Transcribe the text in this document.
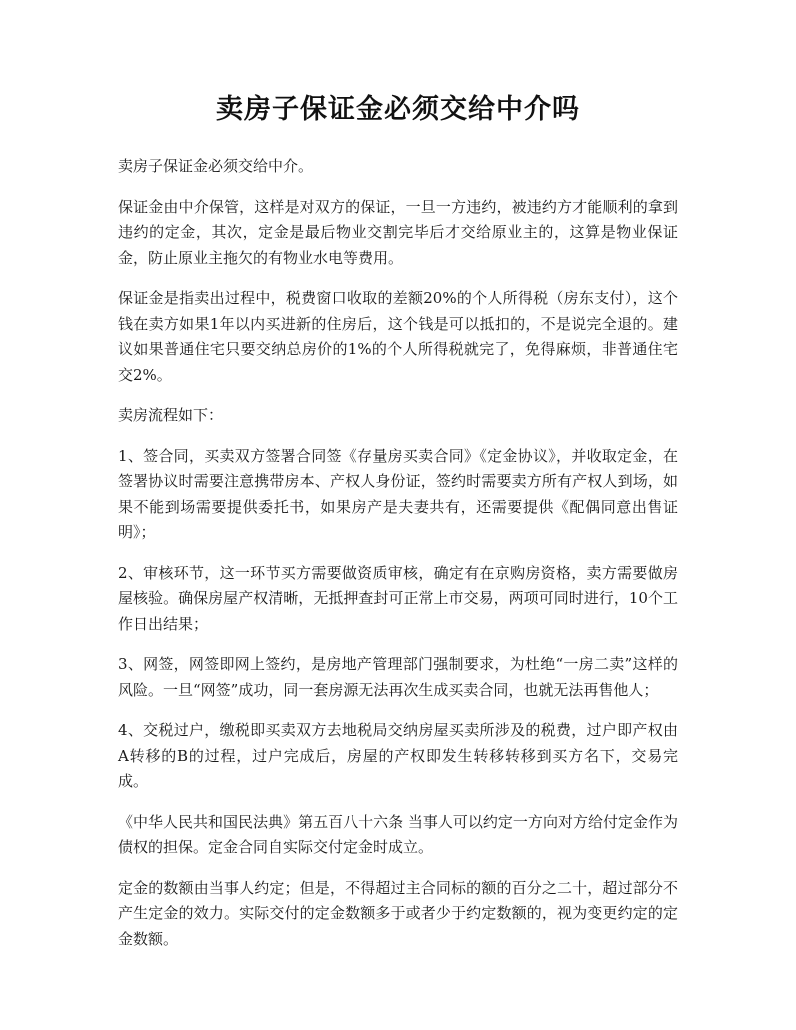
卖房子保证金必须交给中介吗

卖房子保证金必须交给中介。

保证金由中介保管，这样是对双方的保证，一旦一方违约，被违约方才能顺利的拿到违约的定金，其次，定金是最后物业交割完毕后才交给原业主的，这算是物业保证金，防止原业主拖欠的有物业水电等费用。

保证金是指卖出过程中，税费窗口收取的差额20%的个人所得税（房东支付），这个钱在卖方如果1年以内买进新的住房后，这个钱是可以抵扣的，不是说完全退的。建议如果普通住宅只要交纳总房价的1%的个人所得税就完了，免得麻烦，非普通住宅交2%。

卖房流程如下：

1、签合同，买卖双方签署合同签《存量房买卖合同》《定金协议》，并收取定金，在签署协议时需要注意携带房本、产权人身份证，签约时需要卖方所有产权人到场，如果不能到场需要提供委托书，如果房产是夫妻共有，还需要提供《配偶同意出售证明》；

2、审核环节，这一环节买方需要做资质审核，确定有在京购房资格，卖方需要做房屋核验。确保房屋产权清晰，无抵押查封可正常上市交易，两项可同时进行，10个工作日出结果；

3、网签，网签即网上签约，是房地产管理部门强制要求，为杜绝“一房二卖”这样的风险。一旦“网签”成功，同一套房源无法再次生成买卖合同，也就无法再售他人；

4、交税过户，缴税即买卖双方去地税局交纳房屋买卖所涉及的税费，过户即产权由A转移的B的过程，过户完成后，房屋的产权即发生转移转移到买方名下，交易完成。

《中华人民共和国民法典》第五百八十六条 当事人可以约定一方向对方给付定金作为债权的担保。定金合同自实际交付定金时成立。

定金的数额由当事人约定；但是，不得超过主合同标的额的百分之二十，超过部分不产生定金的效力。实际交付的定金数额多于或者少于约定数额的，视为变更约定的定金数额。
